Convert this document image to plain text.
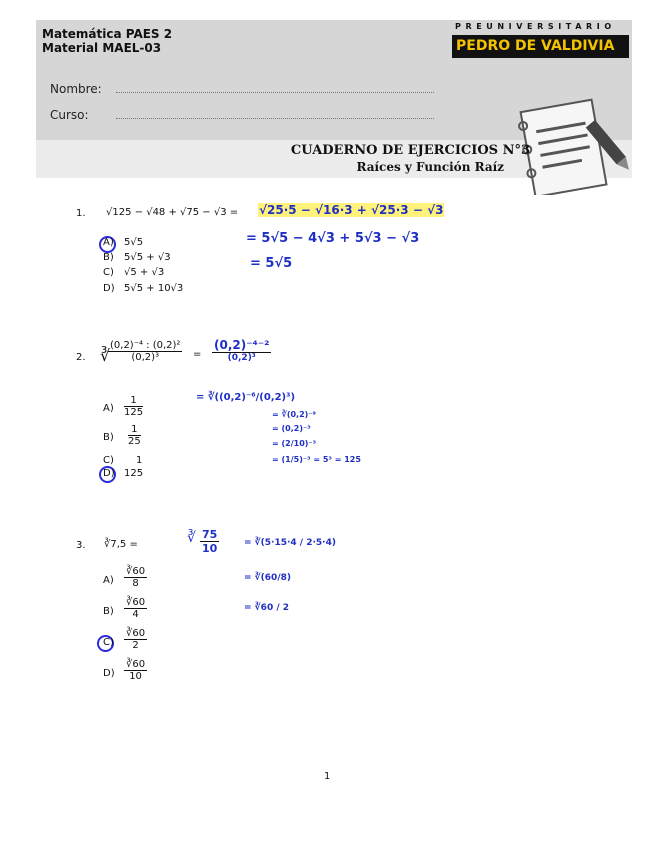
Matemática PAES 2
Material MAEL-03
PREUNIVERSITARIO
PEDRO DE VALDIVIA
Nombre:
Curso:
CUADERNO DE EJERCICIOS N°3
Raíces y Función Raíz
1. √125 − √48 + √75 − √3 = √25·5 − √16·3 + √25·3 − √3
= 5√5 − 4√3 + 5√3 − √3
= 5√5
A) 5√5
B) 5√5 + √3
C) √5 + √3
D) 5√5 + 10√3
2. ∛
$\frac{\text{(0,2)⁻⁴ : (0,2)²}}{\text{(0,2)³}}$ =
(0,2)⁻⁴⁻²
(0,2)³
= ∛((0,2)⁻⁶/(0,2)³)
= ∛(0,2)⁻⁹
= (0,2)⁻³
= (2/10)⁻³
= (1/5)⁻³ = 5³ = 125
$A) \frac{1}{125}$
$B) \frac{1}{25}$
C) 1
D) 125
3. ∛7,5 =	∛ $\frac{75}{10}$	= ∛(5·15·4 / 2·5·4)
= ∛(60/8)
= ∛60 / 2
$A) \frac{∛60}{8}$
$B) \frac{∛60}{4}$
$C) \frac{∛60}{2}$
$D) \frac{∛60}{10}$
1
